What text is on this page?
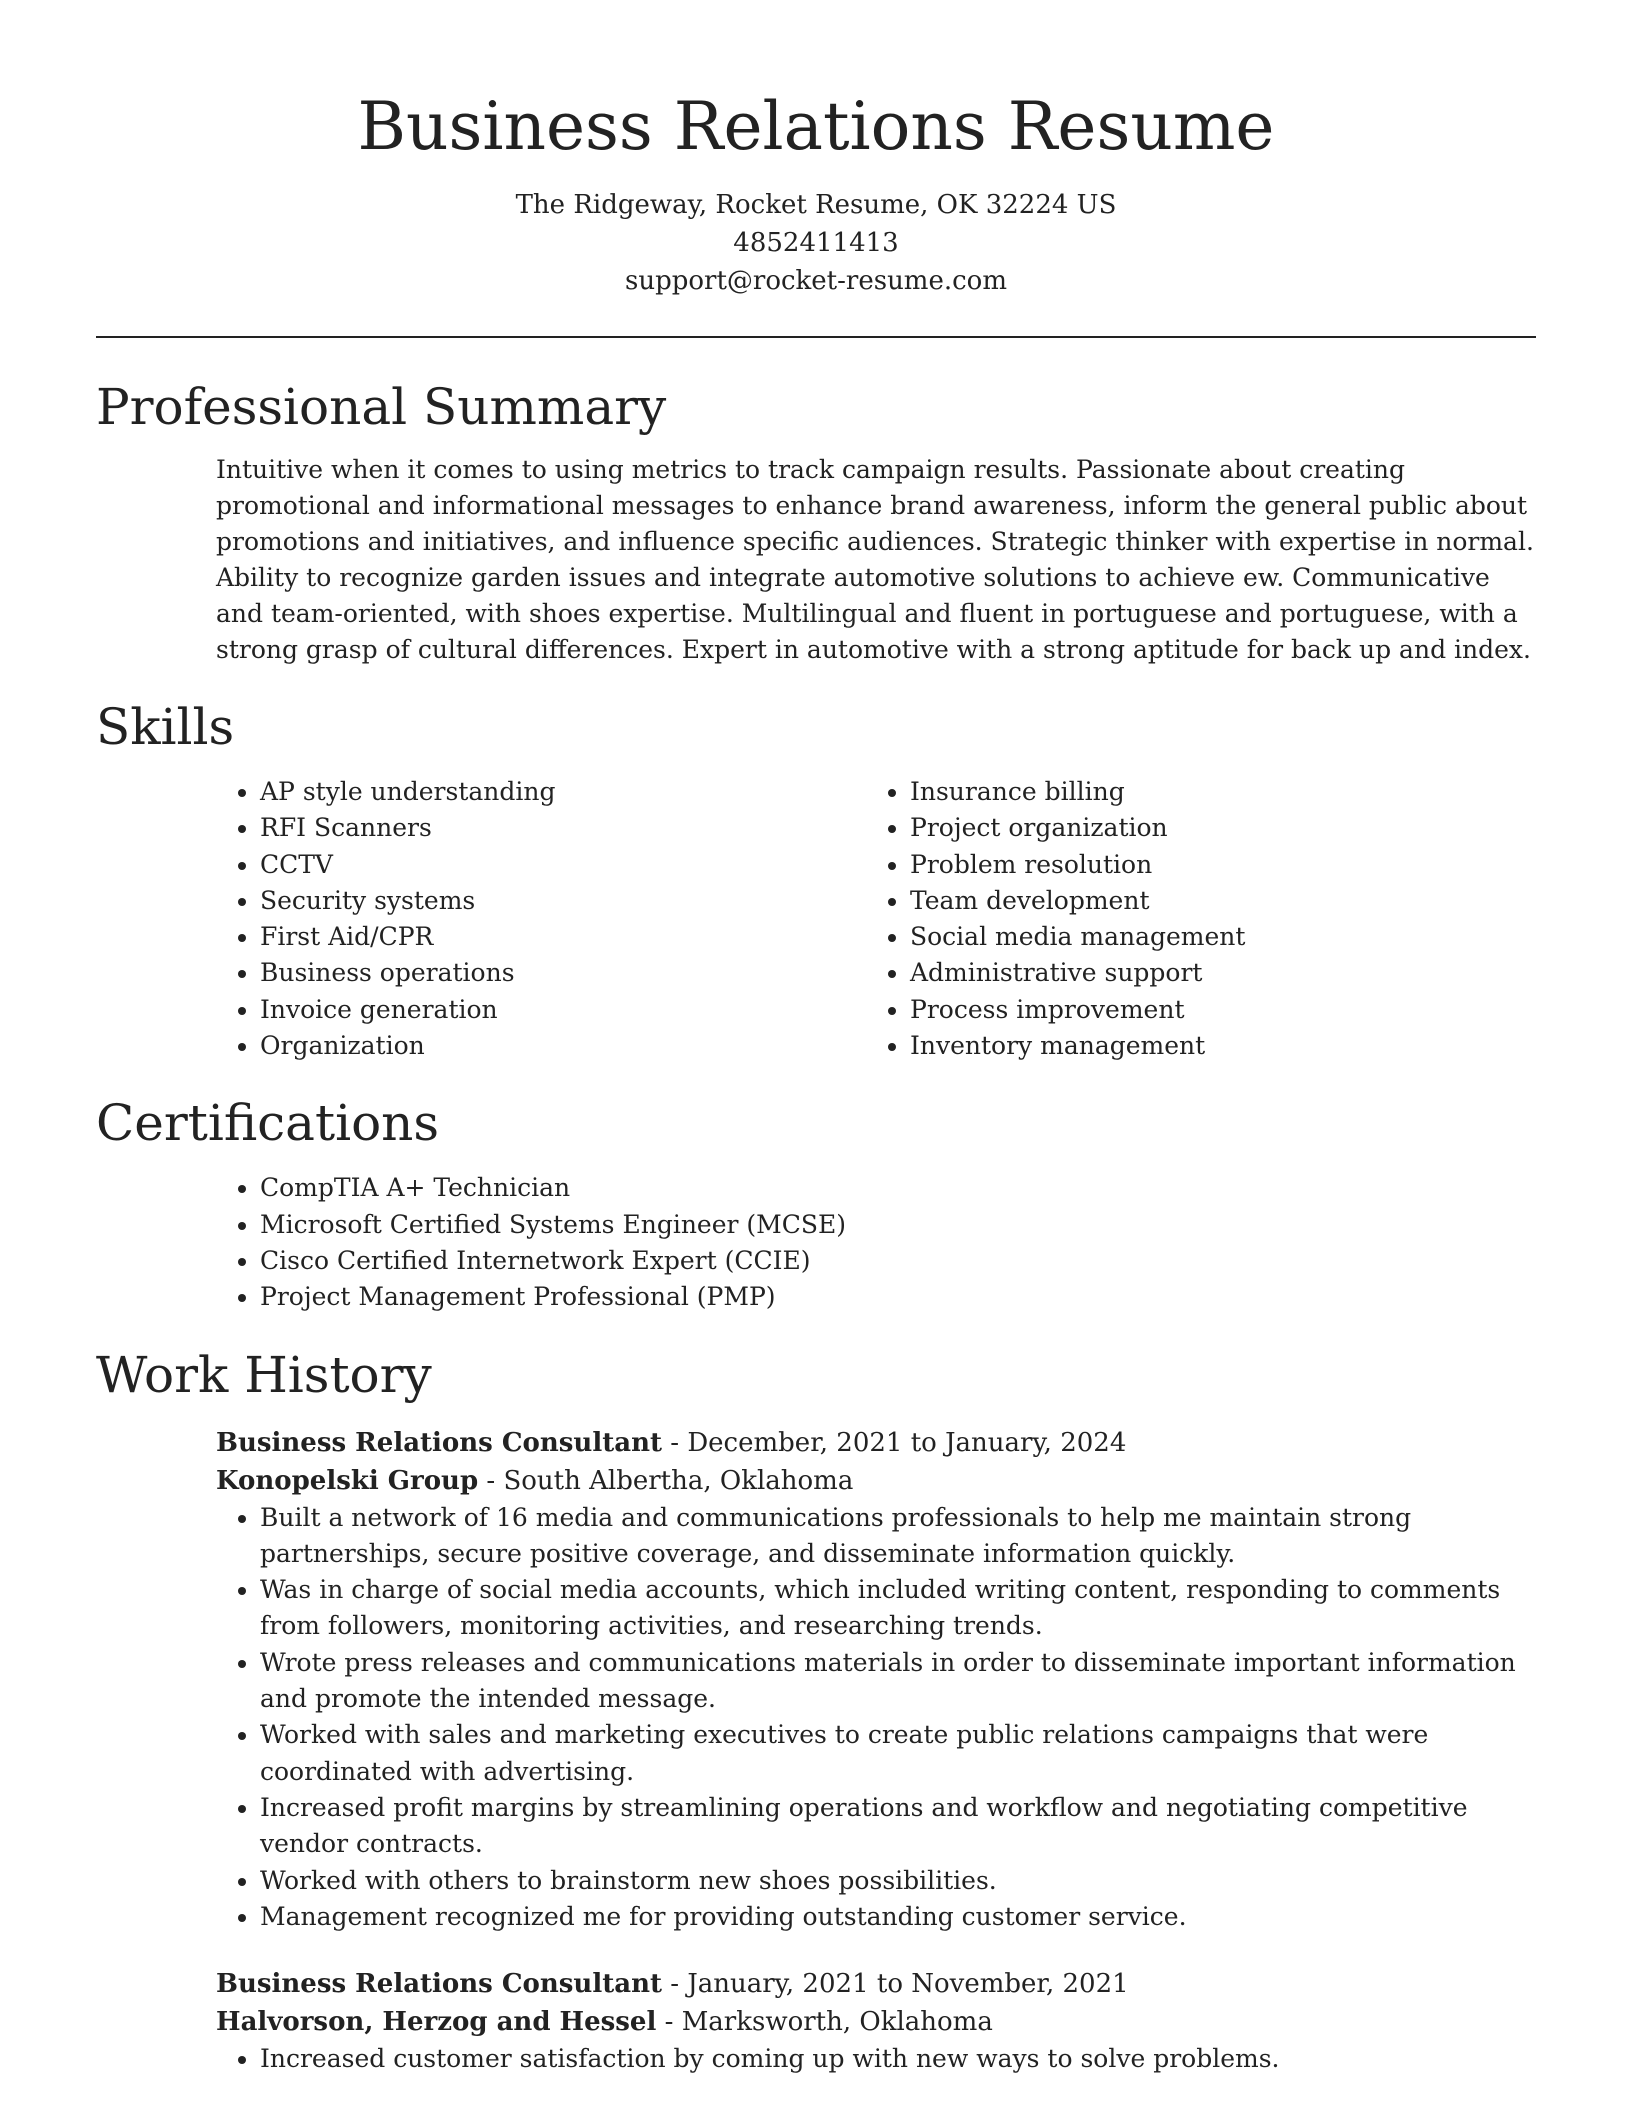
Business Relations Resume
The Ridgeway, Rocket Resume, OK 32224 US
4852411413
support@rocket-resume.com
Professional Summary

Intuitive when it comes to using metrics to track campaign results. Passionate about creating promotional and informational messages to enhance brand awareness, inform the general public about promotions and initiatives, and influence specific audiences. Strategic thinker with expertise in normal. Ability to recognize garden issues and integrate automotive solutions to achieve ew. Communicative and team-oriented, with shoes expertise. Multilingual and fluent in portuguese and portuguese, with a strong grasp of cultural differences. Expert in automotive with a strong aptitude for back up and index.

Skills
• AP style understanding
• RFI Scanners
• CCTV
• Security systems
• First Aid/CPR
• Business operations
• Invoice generation
• Organization
• Insurance billing
• Project organization
• Problem resolution
• Team development
• Social media management
• Administrative support
• Process improvement
• Inventory management
Certifications
• CompTIA A+ Technician
• Microsoft Certified Systems Engineer (MCSE)
• Cisco Certified Internetwork Expert (CCIE)
• Project Management Professional (PMP)
Work History
Business Relations Consultant - December, 2021 to January, 2024
Konopelski Group - South Albertha, Oklahoma
• Built a network of 16 media and communications professionals to help me maintain strong partnerships, secure positive coverage, and disseminate information quickly.
• Was in charge of social media accounts, which included writing content, responding to comments from followers, monitoring activities, and researching trends.
• Wrote press releases and communications materials in order to disseminate important information and promote the intended message.
• Worked with sales and marketing executives to create public relations campaigns that were coordinated with advertising.
• Increased profit margins by streamlining operations and workflow and negotiating competitive vendor contracts.
• Worked with others to brainstorm new shoes possibilities.
• Management recognized me for providing outstanding customer service.
Business Relations Consultant - January, 2021 to November, 2021
Halvorson, Herzog and Hessel - Marksworth, Oklahoma
• Increased customer satisfaction by coming up with new ways to solve problems.
